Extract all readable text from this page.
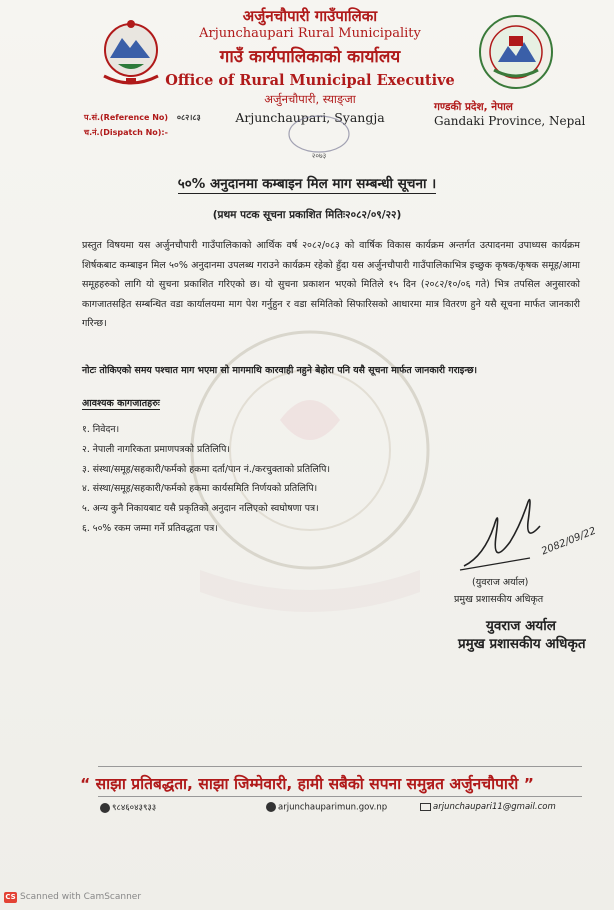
अर्जुनचौपारी गाउँपालिका
Arjunchaupari Rural Municipality
गाउँ कार्यपालिकाको कार्यालय
Office of Rural Municipal Executive
अर्जुनचौपारी, स्याङ्जा
Arjunchaupari, Syangja
२०७३
प.सं.(Reference No) ०८२।८३
च.नं.(Dispatch No):-
गण्डकी प्रदेश, नेपाल
Gandaki Province, Nepal
५०% अनुदानमा कम्बाइन मिल माग सम्बन्धी सूचना ।
(प्रथम पटक सूचना प्रकाशित मितिः२०८२/०९/२२)
प्रस्तुत विषयमा यस अर्जुनचौपारी गाउँपालिकाको आर्थिक वर्ष २०८२/०८३ को वार्षिक विकास कार्यक्रम अन्तर्गत उत्पादनमा उपाध्यस कार्यक्रम शिर्षकबाट कम्बाइन मिल ५०% अनुदानमा उपलब्ध गराउने कार्यक्रम रहेको हुँदा यस अर्जुनचौपारी गाउँपालिकाभित्र इच्छुक कृषक/कृषक समूह/आमा समूहहरुको लागि यो सुचना प्रकाशित गरिएको छ। यो सुचना प्रकाशन भएको मितिले १५ दिन (२०८२/१०/०६ गते) भित्र तपसिल अनुसारको कागजातसहित सम्बन्धित वडा कार्यालयमा माग पेश गर्नुहुन र वडा समितिको सिफारिसको आधारमा मात्र वितरण हुने यसै सूचना मार्फत जानकारी गरिन्छ।
नोटः तोकिएको समय पश्चात माग भएमा सो मागमाथि कारवाही नहुने बेहोरा पनि यसै सूचना मार्फत जानकारी गराइन्छ।
आवश्यक कागजातहरुः
१. निवेदन।
२. नेपाली नागरिकता प्रमाणपत्रको प्रतिलिपि।
३. संस्था/समूह/सहकारी/फर्मको हकमा दर्ता/पान नं./करचुक्ताको प्रतिलिपि।
४. संस्था/समूह/सहकारी/फर्मको हकमा कार्यसमिति निर्णयको प्रतिलिपि।
५. अन्य कुनै निकायबाट यसै प्रकृतिको अनुदान नलिएको स्वघोषणा पत्र।
६. ५०% रकम जम्मा गर्ने प्रतिवद्धता पत्र।	2082/09/22
(युवराज अर्याल)
प्रमुख प्रशासकीय अधिकृत
युवराज अर्याल
प्रमुख प्रशासकीय अधिकृत
“ साझा प्रतिबद्धता, साझा जिम्मेवारी, हामी सबैको सपना समुन्नत अर्जुनचौपारी ”
९८४६०४३९३३	arjunchauparimun.gov.np	arjunchaupari11@gmail.com
CS Scanned with CamScanner
